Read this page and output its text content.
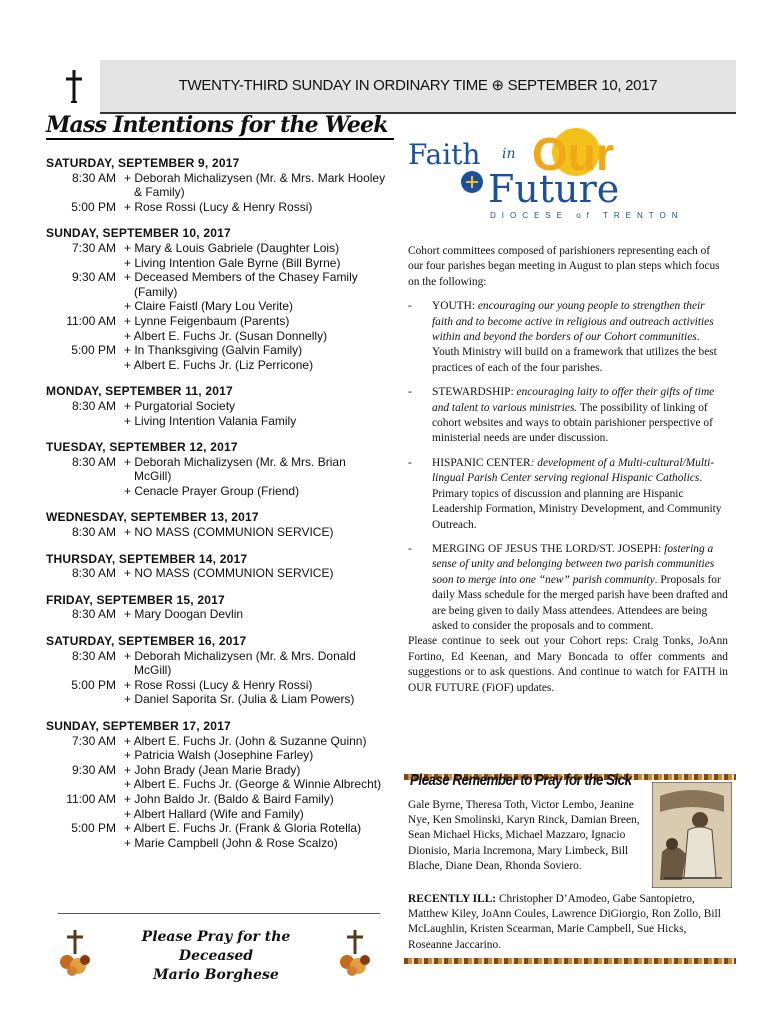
TWENTY-THIRD SUNDAY IN ORDINARY TIME ⊕ SEPTEMBER 10, 2017
Mass Intentions for the Week
SATURDAY, SEPTEMBER 9, 2017
8:30 AM + Deborah Michalizysen (Mr. & Mrs. Mark Hooley & Family)
5:00 PM + Rose Rossi (Lucy & Henry Rossi)
SUNDAY, SEPTEMBER 10, 2017
7:30 AM + Mary & Louis Gabriele (Daughter Lois)
+ Living Intention Gale Byrne (Bill Byrne)
9:30 AM + Deceased Members of the Chasey Family (Family)
+ Claire Faistl (Mary Lou Verite)
11:00 AM + Lynne Feigenbaum (Parents)
+ Albert E. Fuchs Jr. (Susan Donnelly)
5:00 PM + In Thanksgiving (Galvin Family)
+ Albert E. Fuchs Jr. (Liz Perricone)
MONDAY, SEPTEMBER 11, 2017
8:30 AM + Purgatorial Society
+ Living Intention Valania Family
TUESDAY, SEPTEMBER 12, 2017
8:30 AM + Deborah Michalizysen (Mr. & Mrs. Brian McGill)
+ Cenacle Prayer Group (Friend)
WEDNESDAY, SEPTEMBER 13, 2017
8:30 AM + NO MASS (COMMUNION SERVICE)
THURSDAY, SEPTEMBER 14, 2017
8:30 AM + NO MASS (COMMUNION SERVICE)
FRIDAY, SEPTEMBER 15, 2017
8:30 AM + Mary Doogan Devlin
SATURDAY, SEPTEMBER 16, 2017
8:30 AM + Deborah Michalizysen (Mr. & Mrs. Donald McGill)
5:00 PM + Rose Rossi (Lucy & Henry Rossi)
+ Daniel Saporita Sr. (Julia & Liam Powers)
SUNDAY, SEPTEMBER 17, 2017
7:30 AM + Albert E. Fuchs Jr. (John & Suzanne Quinn)
+ Patricia Walsh (Josephine Farley)
9:30 AM + John Brady (Jean Marie Brady)
+ Albert E. Fuchs Jr. (George & Winnie Albrecht)
11:00 AM + John Baldo Jr. (Baldo & Baird Family)
+ Albert Hallard (Wife and Family)
5:00 PM + Albert E. Fuchs Jr. (Frank & Gloria Rotella)
+ Marie Campbell (John & Rose Scalzo)
Please Pray for the Deceased
Mario Borghese
Faith in Our
Future
DIOCESE of TRENTON

Cohort committees composed of parishioners representing each of our four parishes began meeting in August to plan steps which focus on the following:

-	YOUTH: encouraging our young people to strengthen their faith and to become active in religious and outreach activities within and beyond the borders of our Cohort communities. Youth Ministry will build on a framework that utilizes the best practices of each of the four parishes.
-	STEWARDSHIP: encouraging laity to offer their gifts of time and talent to various ministries. The possibility of linking of cohort websites and ways to obtain parishioner perspective of ministerial needs are under discussion.
-	HISPANIC CENTER: development of a Multi-cultural/Multi-lingual Parish Center serving regional Hispanic Catholics. Primary topics of discussion and planning are Hispanic Leadership Formation, Ministry Development, and Community Outreach.
-	MERGING OF JESUS THE LORD/ST. JOSEPH: fostering a sense of unity and belonging between two parish communities soon to merge into one “new” parish community. Proposals for daily Mass schedule for the merged parish have been drafted and are being given to daily Mass attendees. Attendees are being asked to consider the proposals and to comment.

Please continue to seek out your Cohort reps: Craig Tonks, JoAnn Fortino, Ed Keenan, and Mary Boncada to offer comments and suggestions or to ask questions. And continue to watch for FAITH in OUR FUTURE (FiOF) updates.

Please Remember to Pray for the Sick
Gale Byrne, Theresa Toth, Victor Lembo, Jeanine Nye, Ken Smolinski, Karyn Rinck, Damian Breen, Sean Michael Hicks, Michael Mazzaro, Ignacio Dionisio, Maria Incremona, Mary Limbeck, Bill Blache, Diane Dean, Rhonda Soviero.
RECENTLY ILL: Christopher D’Amodeo, Gabe Santopietro, Matthew Kiley, JoAnn Coules, Lawrence DiGiorgio, Ron Zollo, Bill McLaughlin, Kristen Scearman, Marie Campbell, Sue Hicks, Roseanne Jaccarino.
